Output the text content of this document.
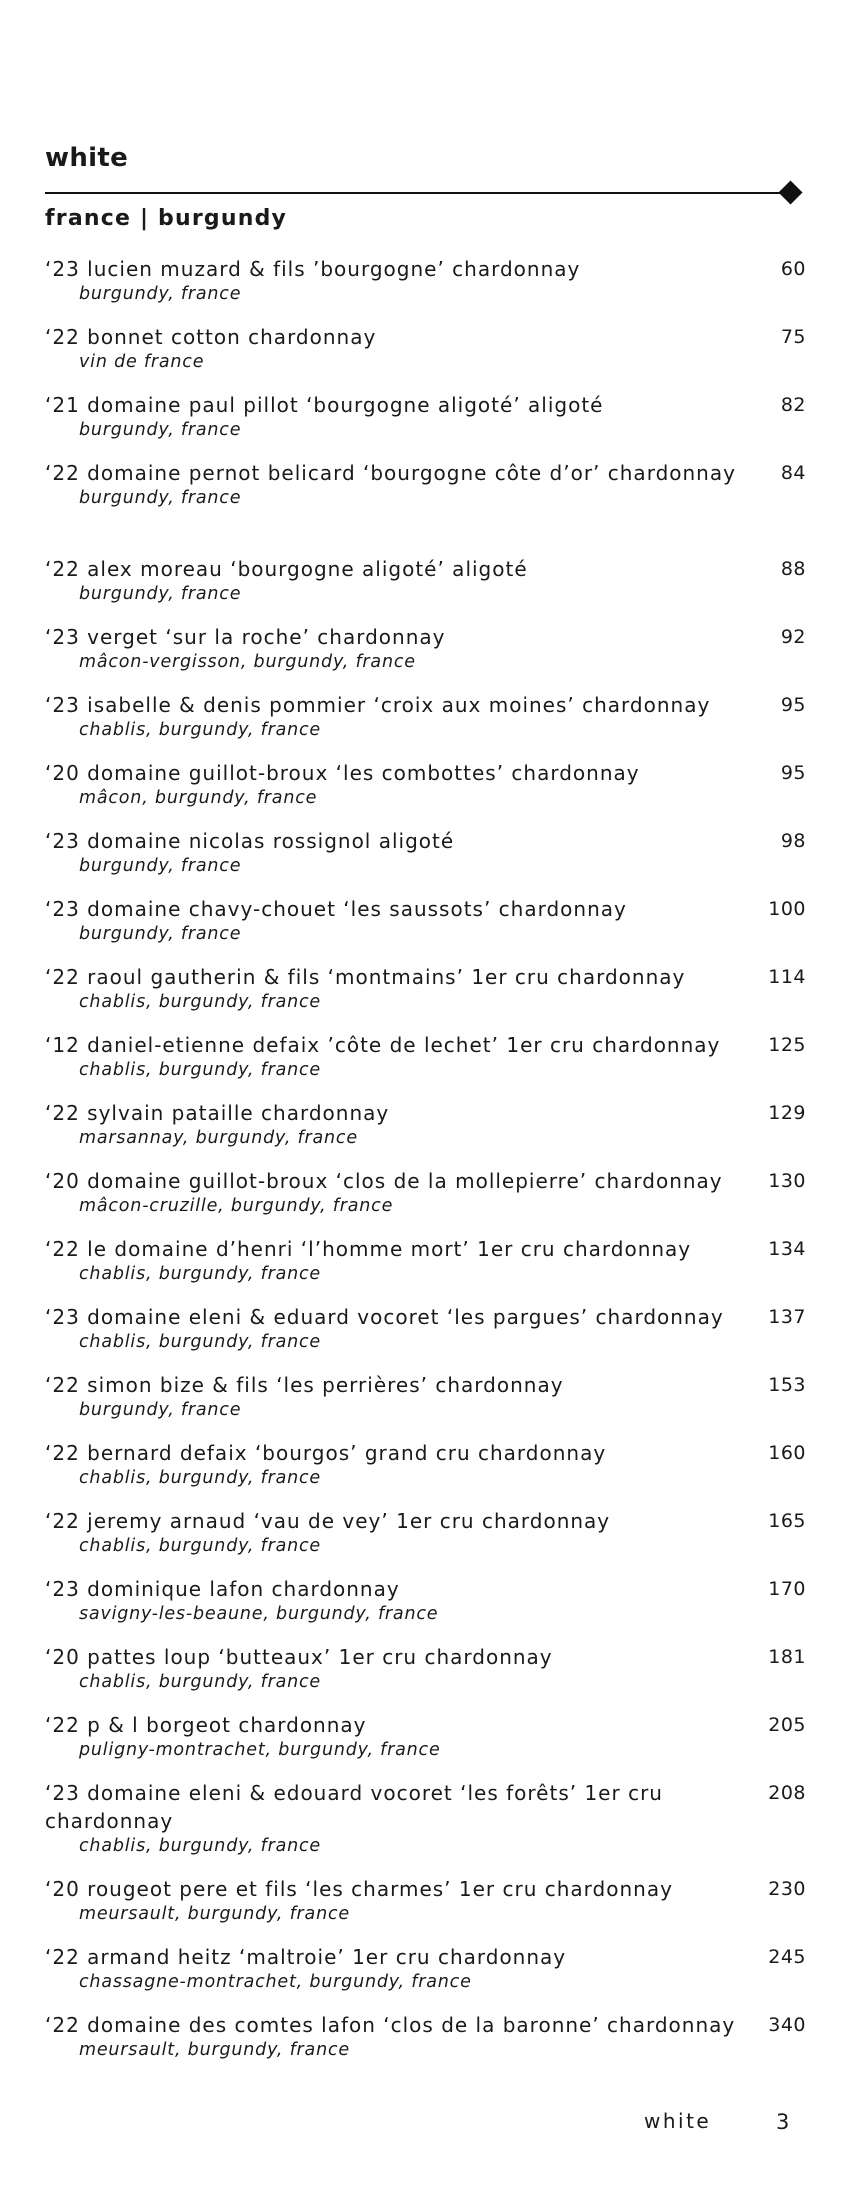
white
france | burgundy
‘23 lucien muzard & fils ’bourgogne’ chardonnay
burgundy, france
60
‘22 bonnet cotton chardonnay
vin de france
75
‘21 domaine paul pillot ‘bourgogne aligoté’ aligoté
burgundy, france
82
‘22 domaine pernot belicard ‘bourgogne côte d’or’ chardonnay
burgundy, france
84
‘22 alex moreau ‘bourgogne aligoté’ aligoté
burgundy, france
88
‘23 verget ‘sur la roche’ chardonnay
mâcon-vergisson, burgundy, france
92
‘23 isabelle & denis pommier ‘croix aux moines’ chardonnay
chablis, burgundy, france
95
‘20 domaine guillot-broux ‘les combottes’ chardonnay
mâcon, burgundy, france
95
‘23 domaine nicolas rossignol aligoté
burgundy, france
98
‘23 domaine chavy-chouet ‘les saussots’ chardonnay
burgundy, france
100
‘22 raoul gautherin & fils ‘montmains’ 1er cru chardonnay
chablis, burgundy, france
114
‘12 daniel-etienne defaix ’côte de lechet’ 1er cru chardonnay
chablis, burgundy, france
125
‘22 sylvain pataille chardonnay
marsannay, burgundy, france
129
‘20 domaine guillot-broux ‘clos de la mollepierre’ chardonnay
mâcon-cruzille, burgundy, france
130
‘22 le domaine d’henri ‘l’homme mort’ 1er cru chardonnay
chablis, burgundy, france
134
‘23 domaine eleni & eduard vocoret ‘les pargues’ chardonnay
chablis, burgundy, france
137
‘22 simon bize & fils ‘les perrières’ chardonnay
burgundy, france
153
‘22 bernard defaix ‘bourgos’ grand cru chardonnay
chablis, burgundy, france
160
‘22 jeremy arnaud ‘vau de vey’ 1er cru chardonnay
chablis, burgundy, france
165
‘23 dominique lafon chardonnay
savigny-les-beaune, burgundy, france
170
‘20 pattes loup ‘butteaux’ 1er cru chardonnay
chablis, burgundy, france
181
‘22 p & l borgeot chardonnay
puligny-montrachet, burgundy, france
205
‘23 domaine eleni & edouard vocoret ‘les forêts’ 1er cru chardonnay
chablis, burgundy, france
208
‘20 rougeot pere et fils ‘les charmes’ 1er cru chardonnay
meursault, burgundy, france
230
‘22 armand heitz ‘maltroie’ 1er cru chardonnay
chassagne-montrachet, burgundy, france
245
‘22 domaine des comtes lafon ‘clos de la baronne’ chardonnay
meursault, burgundy, france
340
white	3
